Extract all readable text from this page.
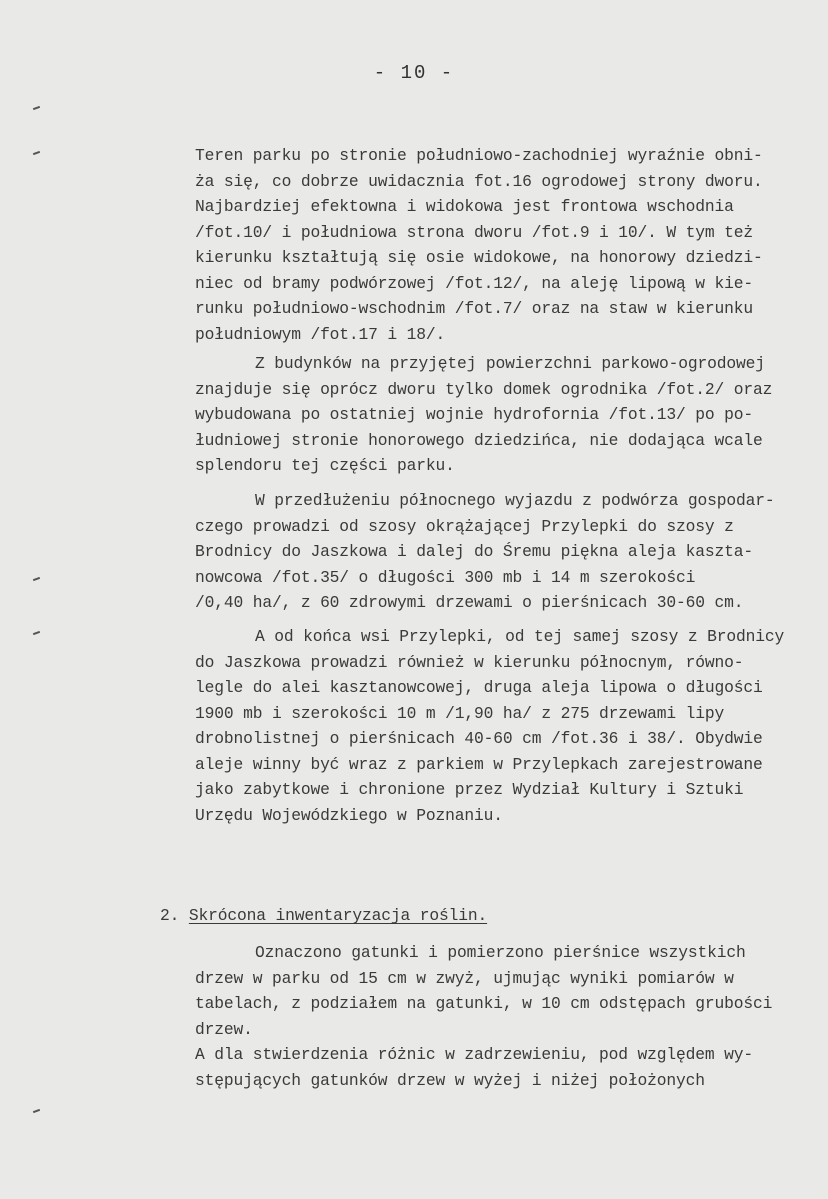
- 10 -
Teren parku po stronie południowo-zachodniej wyraźnie obni-
ża się, co dobrze uwidacznia fot.16 ogrodowej strony dworu.
Najbardziej efektowna i widokowa jest frontowa wschodnia
/fot.10/ i południowa strona dworu /fot.9 i 10/. W tym też
kierunku kształtują się osie widokowe, na honorowy dziedzi-
niec od bramy podwórzowej /fot.12/, na aleję lipową w kie-
runku południowo-wschodnim /fot.7/ oraz na staw w kierunku
południowym /fot.17 i 18/.
Z budynków na przyjętej powierzchni parkowo-ogrodowej
znajduje się oprócz dworu tylko domek ogrodnika /fot.2/ oraz
wybudowana po ostatniej wojnie hydrofornia /fot.13/ po po-
łudniowej stronie honorowego dziedzińca, nie dodająca wcale
splendoru tej części parku.
W przedłużeniu północnego wyjazdu z podwórza gospodar-
czego prowadzi od szosy okrążającej Przylepki do szosy z
Brodnicy do Jaszkowa i dalej do Śremu piękna aleja kaszta-
nowcowa /fot.35/ o długości 300 mb i 14 m szerokości
/0,40 ha/, z 60 zdrowymi drzewami o pierśnicach 30-60 cm.
A od końca wsi Przylepki, od tej samej szosy z Brodnicy
do Jaszkowa prowadzi również w kierunku północnym, równo-
legle do alei kasztanowcowej, druga aleja lipowa o długości
1900 mb i szerokości 10 m /1,90 ha/ z 275 drzewami lipy
drobnolistnej o pierśnicach 40-60 cm /fot.36 i 38/. Obydwie
aleje winny być wraz z parkiem w Przylepkach zarejestrowane
jako zabytkowe i chronione przez Wydział Kultury i Sztuki
Urzędu Wojewódzkiego w Poznaniu.
2. Skrócona inwentaryzacja roślin.
Oznaczono gatunki i pomierzono pierśnice wszystkich
drzew w parku od 15 cm w zwyż, ujmując wyniki pomiarów w
tabelach, z podziałem na gatunki, w 10 cm odstępach grubości
drzew.
A dla stwierdzenia różnic w zadrzewieniu, pod względem wy-
stępujących gatunków drzew w wyżej i niżej położonych
